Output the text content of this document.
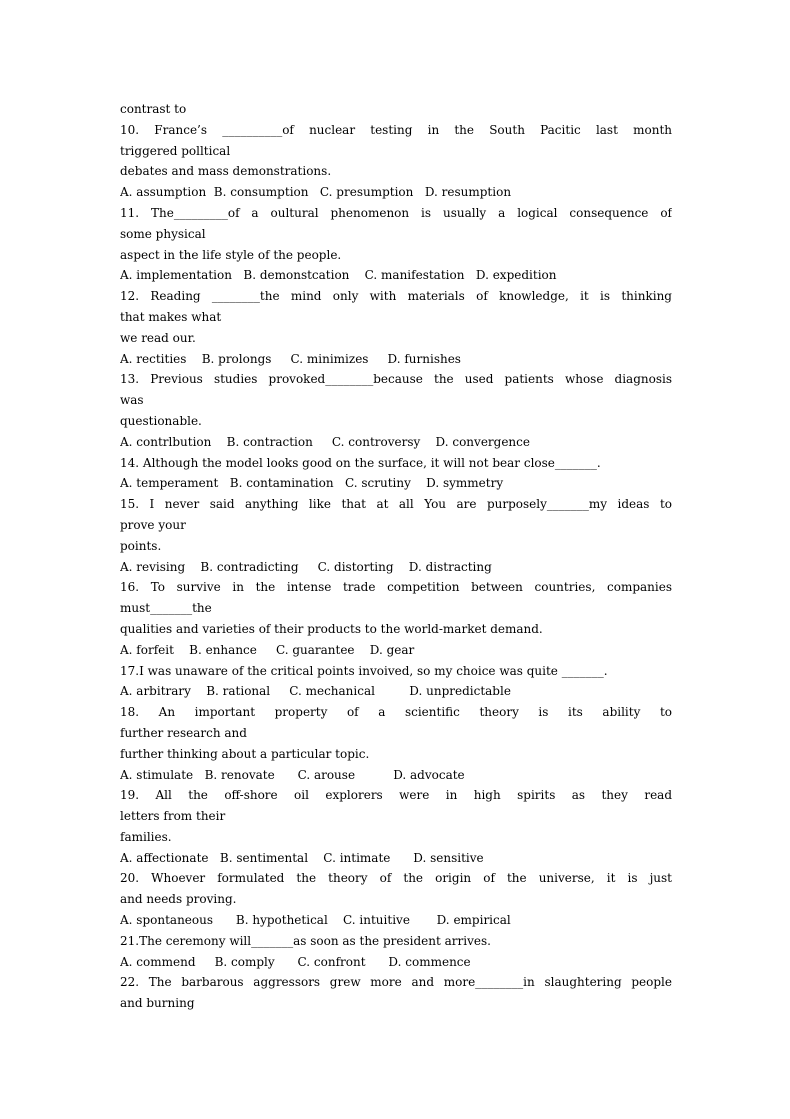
contrast to
10. France’s __________of nuclear testing in the South Pacitic last month
triggered polltical
debates and mass demonstrations.
A. assumption  B. consumption   C. presumption   D. resumption
11. The_________of a oultural phenomenon is usually a logical consequence of
some physical
aspect in the life style of the people.
A. implementation   B. demonstcation    C. manifestation   D. expedition
12. Reading ________the mind only with materials of knowledge, it is thinking
that makes what
we read our.
A. rectities    B. prolongs     C. minimizes     D. furnishes
13. Previous studies provoked________because the used patients whose diagnosis
was
questionable.
A. contrlbution    B. contraction     C. controversy    D. convergence
14. Although the model looks good on the surface, it will not bear close_______.
A. temperament   B. contamination   C. scrutiny    D. symmetry
15. I never said anything like that at all You are purposely_______my ideas to
prove your
points.
A. revising    B. contradicting     C. distorting    D. distracting
16. To survive in the intense trade competition between countries, companies
must_______the
qualities and varieties of their products to the world-market demand.
A. forfeit    B. enhance     C. guarantee    D. gear
17.I was unaware of the critical points invoived, so my choice was quite _______.
A. arbitrary    B. rational     C. mechanical         D. unpredictable
18. An important property of a scientific theory is its ability to
further research and
further thinking about a particular topic.
A. stimulate   B. renovate      C. arouse          D. advocate
19. All the off-shore oil explorers were in high spirits as they read
letters from their
families.
A. affectionate   B. sentimental    C. intimate      D. sensitive
20. Whoever formulated the theory of the origin of the universe, it is just
and needs proving.
A. spontaneous      B. hypothetical    C. intuitive       D. empirical
21.The ceremony will_______as soon as the president arrives.
A. commend     B. comply      C. confront      D. commence
22. The barbarous aggressors grew more and more________in slaughtering people
and burning
